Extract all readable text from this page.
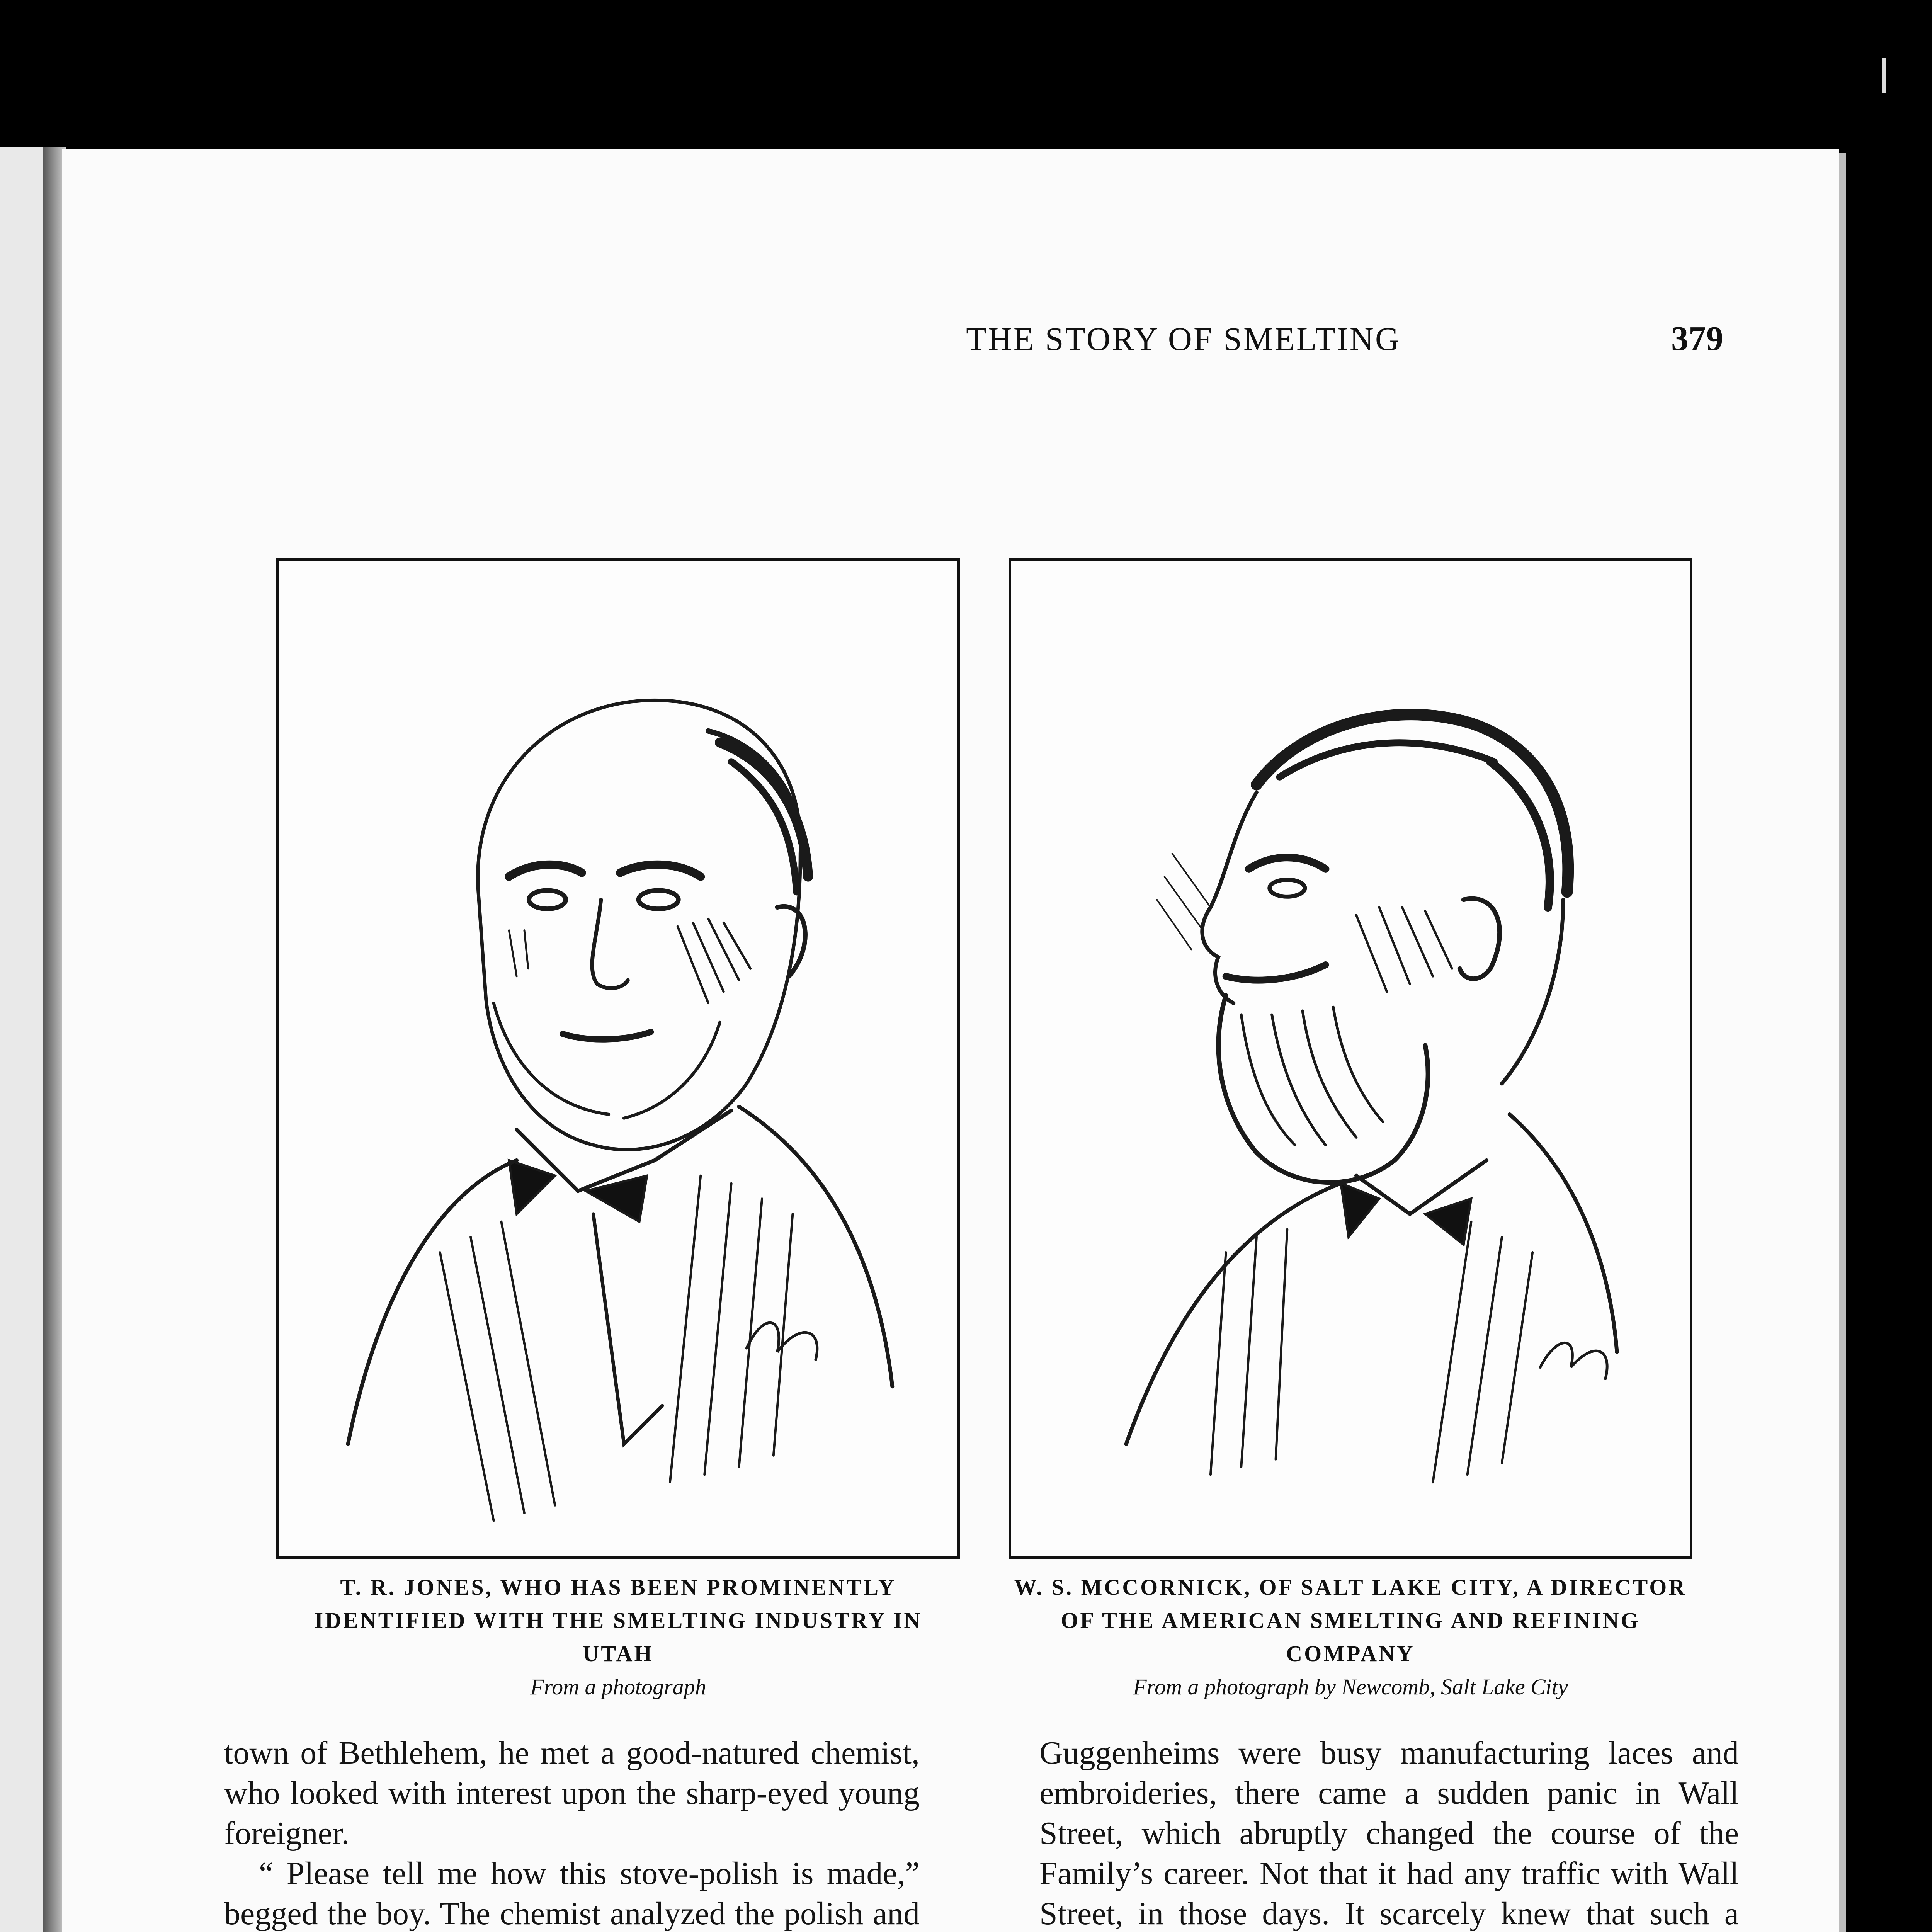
THE STORY OF SMELTING	379
T. R. JONES, WHO HAS BEEN PROMINENTLY IDENTIFIED WITH THE SMELTING INDUSTRY IN UTAH
From a photograph
W. S. MCCORNICK, OF SALT LAKE CITY, A DIRECTOR OF THE AMERICAN SMELTING AND REFINING COMPANY
From a photograph by Newcomb, Salt Lake City

town of Bethlehem, he met a good-natured chemist, who looked with interest upon the sharp-eyed young foreigner.

“ Please tell me how this stove-polish is made,” begged the boy. The chemist analyzed the polish and

Guggenheims were busy manufacturing laces and embroideries, there came a sudden panic in Wall Street, which abruptly changed the course of the Family’s career. Not that it had any traffic with Wall Street, in those days. It scarcely knew that such a
